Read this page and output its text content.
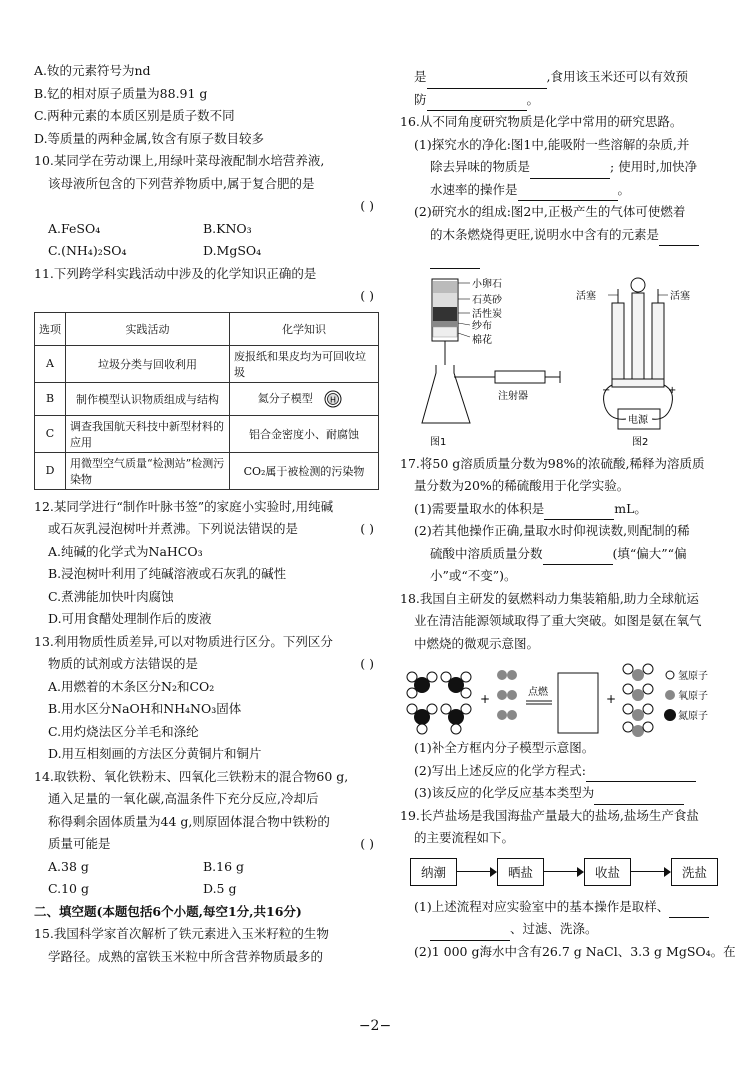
A.钕的元素符号为nd
B.钇的相对原子质量为88.91 g
C.两种元素的本质区别是质子数不同
D.等质量的两种金属,钕含有原子数目较多
10.某同学在劳动课上,用绿叶菜母液配制水培营养液,
该母液所包含的下列营养物质中,属于复合肥的是
( )
A.FeSO₄	B.KNO₃
C.(NH₄)₂SO₄	D.MgSO₄
11.下列跨学科实践活动中涉及的化学知识正确的是
( )
选项	实践活动	化学知识
A	垃圾分类与回收利用	废报纸和果皮均为可回收垃圾
B	制作模型认识物质组成与结构	氦分子模型 H

C	调查我国航天科技中新型材料的应用	铝合金密度小、耐腐蚀
D	用微型空气质量“检测站”检测污染物	CO₂属于被检测的污染物
12.某同学进行“制作叶脉书签”的家庭小实验时,用纯碱
或石灰乳浸泡树叶并煮沸。下列说法错误的是	( )
A.纯碱的化学式为NaHCO₃
B.浸泡树叶利用了纯碱溶液或石灰乳的碱性
C.煮沸能加快叶肉腐蚀
D.可用食醋处理制作后的废液
13.利用物质性质差异,可以对物质进行区分。下列区分
物质的试剂或方法错误的是	( )
A.用燃着的木条区分N₂和CO₂
B.用水区分NaOH和NH₄NO₃固体
C.用灼烧法区分羊毛和涤纶
D.用互相刻画的方法区分黄铜片和铜片
14.取铁粉、氧化铁粉末、四氧化三铁粉末的混合物60 g,
通入足量的一氧化碳,高温条件下充分反应,冷却后
称得剩余固体质量为44 g,则原固体混合物中铁粉的
质量可能是	( )
A.38 g	B.16 g
C.10 g	D.5 g
二、填空题(本题包括6个小题,每空1分,共16分)
15.我国科学家首次解析了铁元素进入玉米籽粒的生物
学路径。成熟的富铁玉米粒中所含营养物质最多的
是	,食用该玉米还可以有效预
防	。
16.从不同角度研究物质是化学中常用的研究思路。
(1)探究水的净化:图1中,能吸附一些溶解的杂质,并
除去异味的物质是	; 使用时,加快净
水速率的操作是	。
(2)研究水的组成:图2中,正极产生的气体可使燃着
的木条燃烧得更旺,说明水中含有的元素是
小卵石
石英砂
活性炭
纱布
棉花
注射器
图1
活塞	活塞
电源
−	+
图2
17.将50 g溶质质量分数为98%的浓硫酸,稀释为溶质质
量分数为20%的稀硫酸用于化学实验。
(1)需要量取水的体积是	mL。
(2)若其他操作正确,量取水时仰视读数,则配制的稀
硫酸中溶质质量分数	(填“偏大”“偏
小”或“不变”)。
18.我国自主研发的氨燃料动力集装箱船,助力全球航运
业在清洁能源领域取得了重大突破。如图是氨在氧气
中燃烧的微观示意图。
+	点燃	+
氢原子
氧原子
氮原子
(1)补全方框内分子模型示意图。
(2)写出上述反应的化学方程式:
(3)该反应的化学反应基本类型为
19.长芦盐场是我国海盐产量最大的盐场,盐场生产食盐
的主要流程如下。
纳潮	晒盐	收盐	洗盐
(1)上述流程对应实验室中的基本操作是取样、
、过滤、洗涤。
(2)1 000 g海水中含有26.7 g NaCl、3.3 g MgSO₄。在
−2−
